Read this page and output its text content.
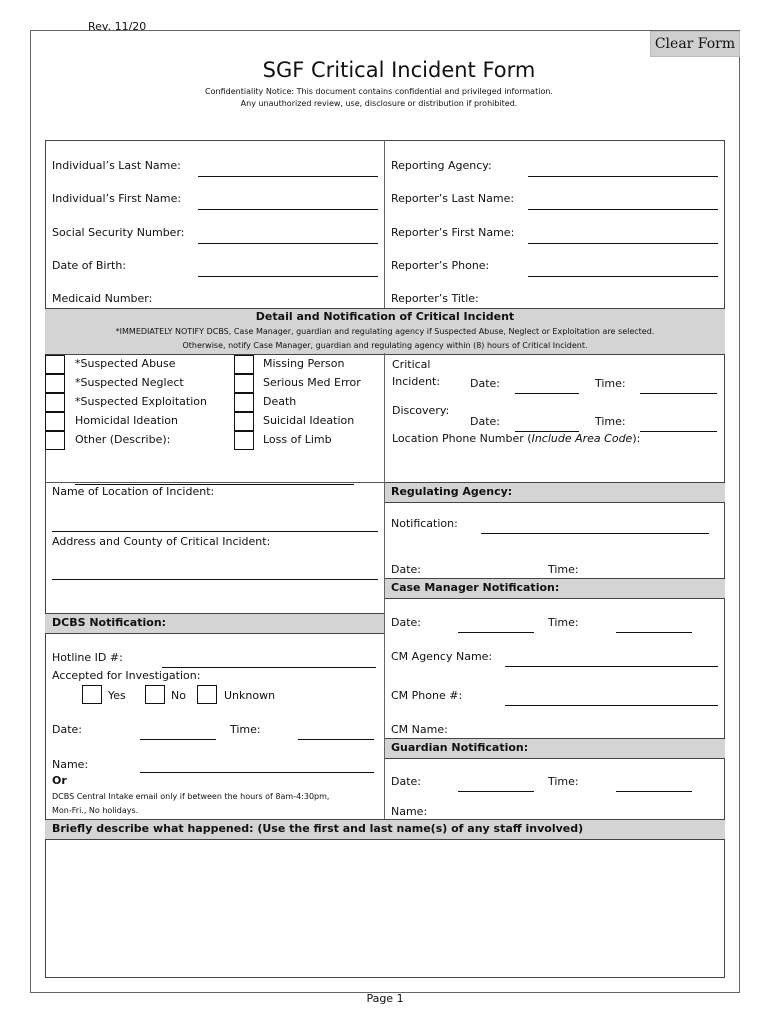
Rev. 11/20
Clear Form
SGF Critical Incident Form
Confidentiality Notice: This document contains confidential and privileged information.
Any unauthorized review, use, disclosure or distribution if prohibited.
Individual’s Last Name:
Individual’s First Name:
Social Security Number:
Date of Birth:
Medicaid Number:
Reporting Agency:
Reporter’s Last Name:
Reporter’s First Name:
Reporter’s Phone:
Reporter’s Title:
Detail and Notification of Critical Incident
*IMMEDIATELY NOTIFY DCBS, Case Manager, guardian and regulating agency if Suspected Abuse, Neglect or Exploitation are selected.
Otherwise, notify Case Manager, guardian and regulating agency within (8) hours of Critical Incident.
*Suspected Abuse
*Suspected Neglect
*Suspected Exploitation
Homicidal Ideation
Other (Describe):
Missing Person
Serious Med Error
Death
Suicidal Ideation
Loss of Limb
Critical
Incident:	Date:	Time:
Discovery:
Date:	Time:
Location Phone Number (Include Area Code):
Name of Location of Incident:
Address and County of Critical Incident:
Regulating Agency:
Notification:
Date:	Time:
Case Manager Notification:
Date:	Time:
CM Agency Name:
CM Phone #:
CM Name:
Guardian Notification:
Date:	Time:
Name:
DCBS Notification:
Hotline ID #:
Accepted for Investigation:
Yes	No	Unknown
Date:	Time:
Name:
Or
DCBS Central Intake email only if between the hours of 8am-4:30pm,
Mon-Fri., No holidays.
Briefly describe what happened: (Use the first and last name(s) of any staff involved)
Page 1
